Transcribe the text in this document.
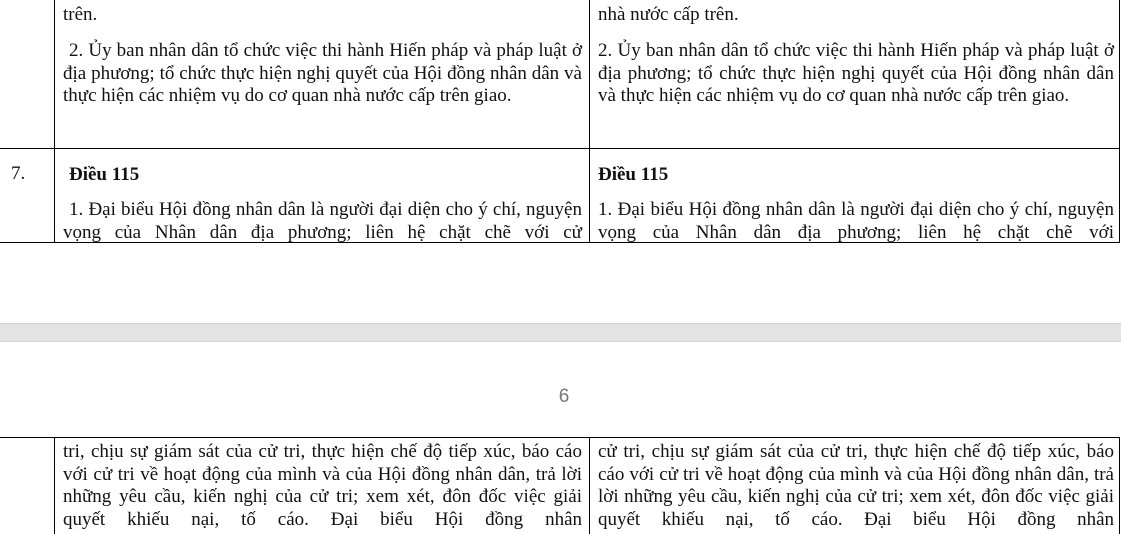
trên.	nhà nước cấp trên.
2. Ủy ban nhân dân tổ chức việc thi hành Hiến pháp và pháp luật ở địa phương; tổ chức thực hiện nghị quyết của Hội đồng nhân dân và thực hiện các nhiệm vụ do cơ quan nhà nước cấp trên giao.
2. Ủy ban nhân dân tổ chức việc thi hành Hiến pháp và pháp luật ở địa phương; tổ chức thực hiện nghị quyết của Hội đồng nhân dân và thực hiện các nhiệm vụ do cơ quan nhà nước cấp trên giao.
7. Điều 115	Điều 115
1. Đại biểu Hội đồng nhân dân là người đại diện cho ý chí, nguyện vọng của Nhân dân địa phương; liên hệ chặt chẽ với cử
1. Đại biểu Hội đồng nhân dân là người đại diện cho ý chí, nguyện vọng của Nhân dân địa phương; liên hệ chặt chẽ với
6
tri, chịu sự giám sát của cử tri, thực hiện chế độ tiếp xúc, báo cáo với cử tri về hoạt động của mình và của Hội đồng nhân dân, trả lời những yêu cầu, kiến nghị của cử tri; xem xét, đôn đốc việc giải quyết khiếu nại, tố cáo. Đại biểu Hội đồng nhân
cử tri, chịu sự giám sát của cử tri, thực hiện chế độ tiếp xúc, báo cáo với cử tri về hoạt động của mình và của Hội đồng nhân dân, trả lời những yêu cầu, kiến nghị của cử tri; xem xét, đôn đốc việc giải quyết khiếu nại, tố cáo. Đại biểu Hội đồng nhân
